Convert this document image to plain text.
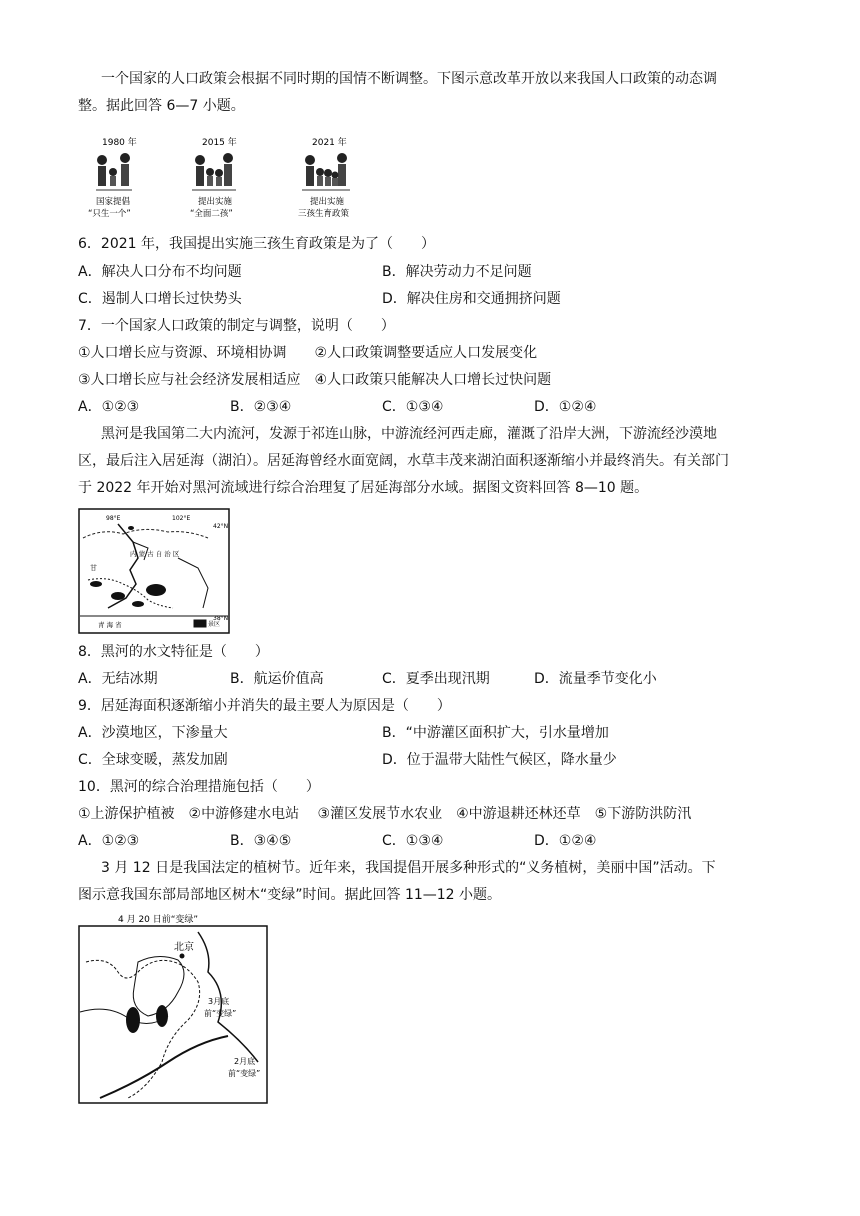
一个国家的人口政策会根据不同时期的国情不断调整。下图示意改革开放以来我国人口政策的动态调
整。据此回答 6—7 小题。
1980 年
国家提倡
“只生一个”
2015 年
提出实施
“全面二孩”
2021 年
提出实施
三孩生育政策
6．2021 年，我国提出实施三孩生育政策是为了（　　）
A．解决人口分布不均问题	B．解决劳动力不足问题
C．遏制人口增长过快势头	D．解决住房和交通拥挤问题
7．一个国家人口政策的制定与调整，说明（　　）
①人口增长应与资源、环境相协调　　②人口政策调整要适应人口发展变化
③人口增长应与社会经济发展相适应　④人口政策只能解决人口增长过快问题
A．①②③	B．②③④	C．①③④	D．①②④
黑河是我国第二大内流河，发源于祁连山脉，中游流经河西走廊，灌溉了沿岸大洲，下游流经沙漠地
区，最后注入居延海（湖泊）。居延海曾经水面宽阔，水草丰茂来湖泊面积逐渐缩小并最终消失。有关部门
于 2022 年开始对黑河流域进行综合治理复了居延海部分水域。据图文资料回答 8—10 题。
98°E	102°E
42°N
38°N
内 蒙 古 自 治 区
甘
青 海 省	景区
8．黑河的水文特征是（　　）
A．无结冰期	B．航运价值高	C．夏季出现汛期	D．流量季节变化小
9．居延海面积逐渐缩小并消失的最主要人为原因是（　　）
A．沙漠地区，下渗量大	B．“中游灌区面积扩大，引水量增加
C．全球变暖，蒸发加剧	D．位于温带大陆性气候区，降水量少
10．黑河的综合治理措施包括（　　）
①上游保护植被　②中游修建水电站　 ③灌区发展节水农业　④中游退耕还林还草　⑤下游防洪防汛
A．①②③	B．③④⑤	C．①③④	D．①②④
3 月 12 日是我国法定的植树节。近年来，我国提倡开展多种形式的“义务植树，美丽中国”活动。下
图示意我国东部局部地区树木“变绿”时间。据此回答 11—12 小题。
4 月 20 日前“变绿”
北京
3月底
前“变绿”
2月底
前“变绿”
